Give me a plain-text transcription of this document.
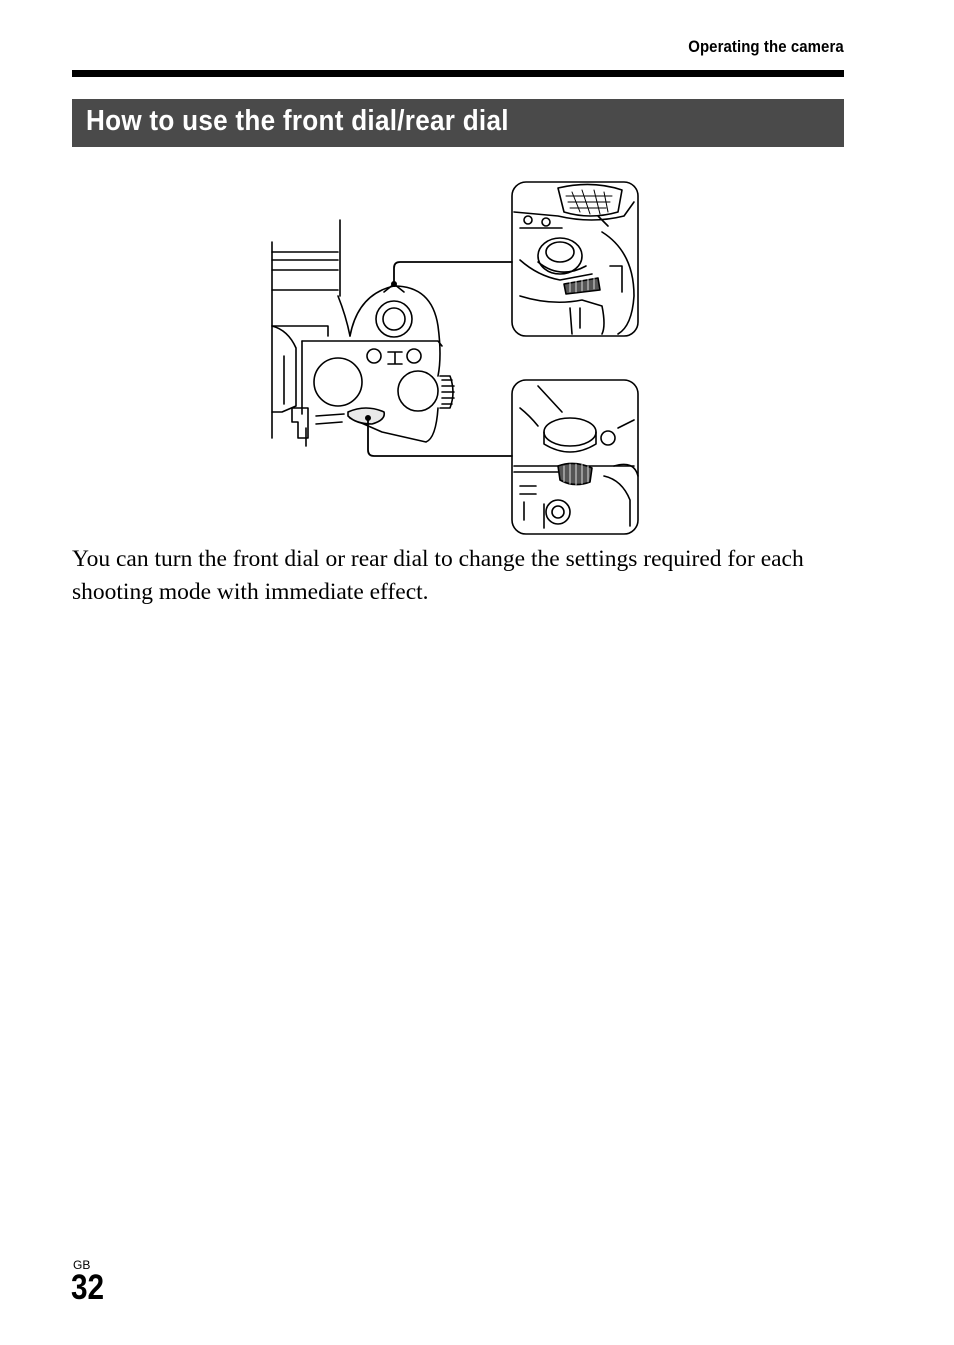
Operating the camera
How to use the front dial/rear dial
You can turn the front dial or rear dial to change the settings required for each shooting mode with immediate effect.
GB
32
